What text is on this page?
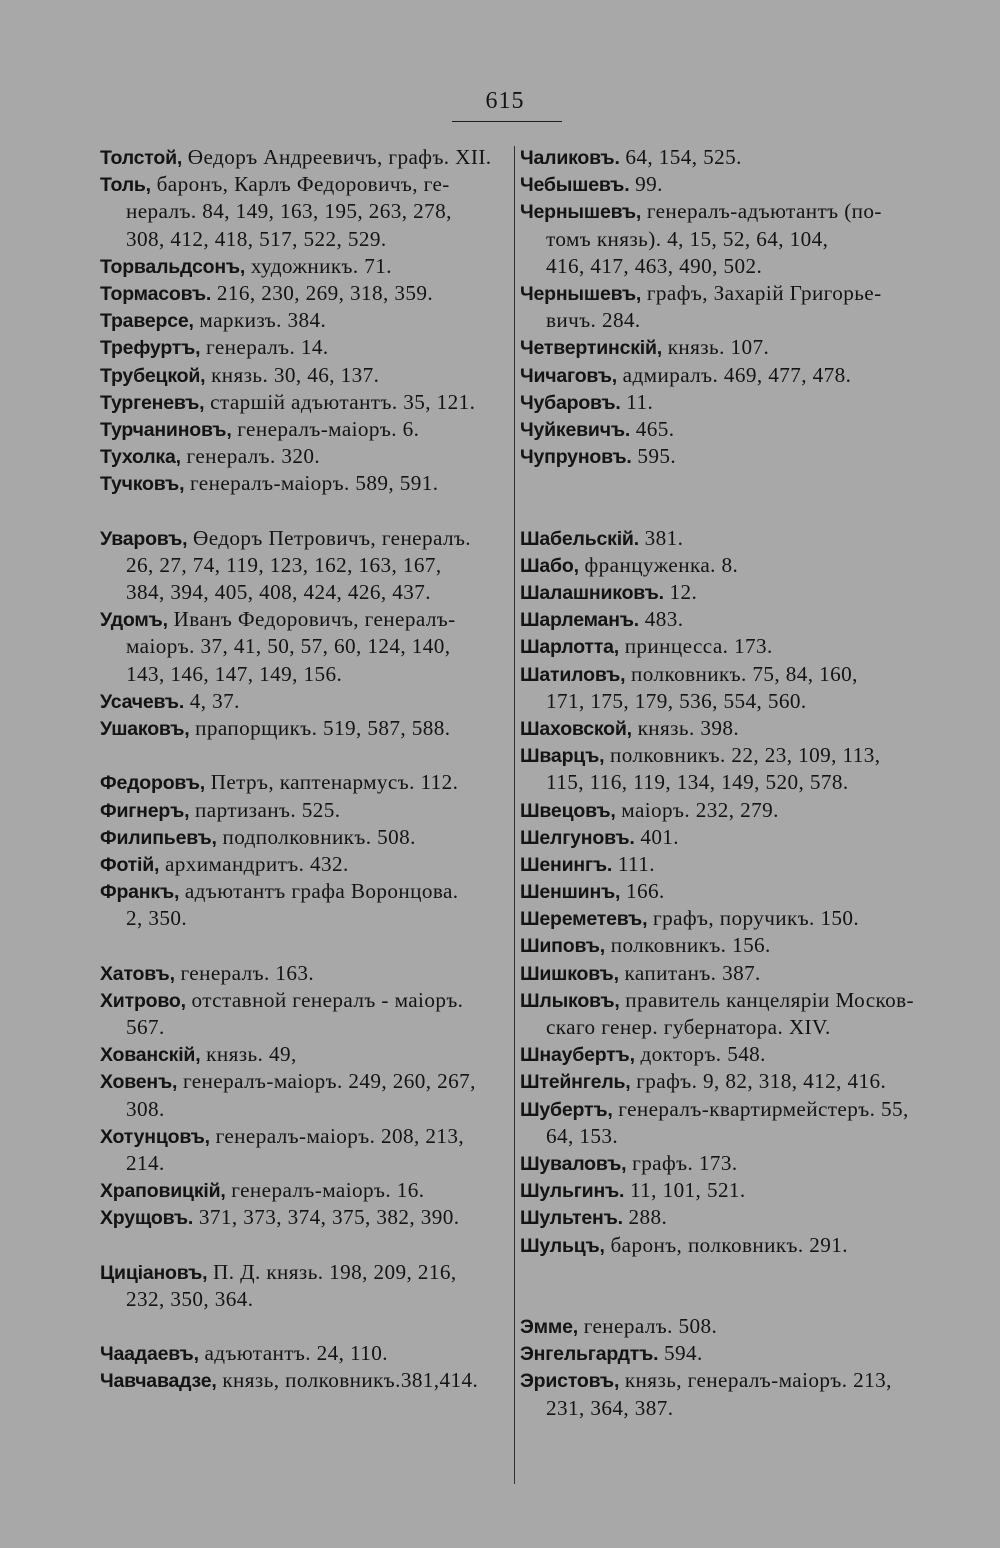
615
Толстой, Өедоръ Андреевичъ, графъ. XII.
Толь, баронъ, Карлъ Федоровичъ, ге-
нералъ. 84, 149, 163, 195, 263, 278,
308, 412, 418, 517, 522, 529.
Торвальдсонъ, художникъ. 71.
Тормасовъ. 216, 230, 269, 318, 359.
Траверсе, маркизъ. 384.
Трефуртъ, генералъ. 14.
Трубецкой, князь. 30, 46, 137.
Тургеневъ, старшій адъютантъ. 35, 121.
Турчаниновъ, генералъ-маіоръ. 6.
Тухолка, генералъ. 320.
Тучковъ, генералъ-маіоръ. 589, 591.
Уваровъ, Өедоръ Петровичъ, генералъ.
26, 27, 74, 119, 123, 162, 163, 167,
384, 394, 405, 408, 424, 426, 437.
Удомъ, Иванъ Федоровичъ, генералъ-
маіоръ. 37, 41, 50, 57, 60, 124, 140,
143, 146, 147, 149, 156.
Усачевъ. 4, 37.
Ушаковъ, прапорщикъ. 519, 587, 588.
Федоровъ, Петръ, каптенармусъ. 112.
Фигнеръ, партизанъ. 525.
Филипьевъ, подполковникъ. 508.
Фотій, архимандритъ. 432.
Франкъ, адъютантъ графа Воронцова.
2, 350.
Хатовъ, генералъ. 163.
Хитрово, отставной генералъ - маіоръ.
567.
Хованскій, князь. 49,
Ховенъ, генералъ-маіоръ. 249, 260, 267,
308.
Хотунцовъ, генералъ-маіоръ. 208, 213,
214.
Храповицкій, генералъ-маіоръ. 16.
Хрущовъ. 371, 373, 374, 375, 382, 390.
Цицiановъ, П. Д. князь. 198, 209, 216,
232, 350, 364.
Чаадаевъ, адъютантъ. 24, 110.
Чавчавадзе, князь, полковникъ.381,414.
Чаликовъ. 64, 154, 525.
Чебышевъ. 99.
Чернышевъ, генералъ-адъютантъ (по-
томъ князь). 4, 15, 52, 64, 104,
416, 417, 463, 490, 502.
Чернышевъ, графъ, Захарій Григорье-
вичъ. 284.
Четвертинскій, князь. 107.
Чичаговъ, адмиралъ. 469, 477, 478.
Чубаровъ. 11.
Чуйкевичъ. 465.
Чупруновъ. 595.
Шабельскій. 381.
Шабо, француженка. 8.
Шалашниковъ. 12.
Шарлеманъ. 483.
Шарлотта, принцесса. 173.
Шатиловъ, полковникъ. 75, 84, 160,
171, 175, 179, 536, 554, 560.
Шаховской, князь. 398.
Шварцъ, полковникъ. 22, 23, 109, 113,
115, 116, 119, 134, 149, 520, 578.
Швецовъ, маіоръ. 232, 279.
Шелгуновъ. 401.
Шенингъ. 111.
Шеншинъ, 166.
Шереметевъ, графъ, поручикъ. 150.
Шиповъ, полковникъ. 156.
Шишковъ, капитанъ. 387.
Шлыковъ, правитель канцеляріи Москов-
скаго генер. губернатора. XIV.
Шнаубертъ, докторъ. 548.
Штейнгель, графъ. 9, 82, 318, 412, 416.
Шубертъ, генералъ-квартирмейстеръ. 55,
64, 153.
Шуваловъ, графъ. 173.
Шульгинъ. 11, 101, 521.
Шультенъ. 288.
Шульцъ, баронъ, полковникъ. 291.
Эмме, генералъ. 508.
Энгельгардтъ. 594.
Эристовъ, князь, генералъ-маіоръ. 213,
231, 364, 387.
